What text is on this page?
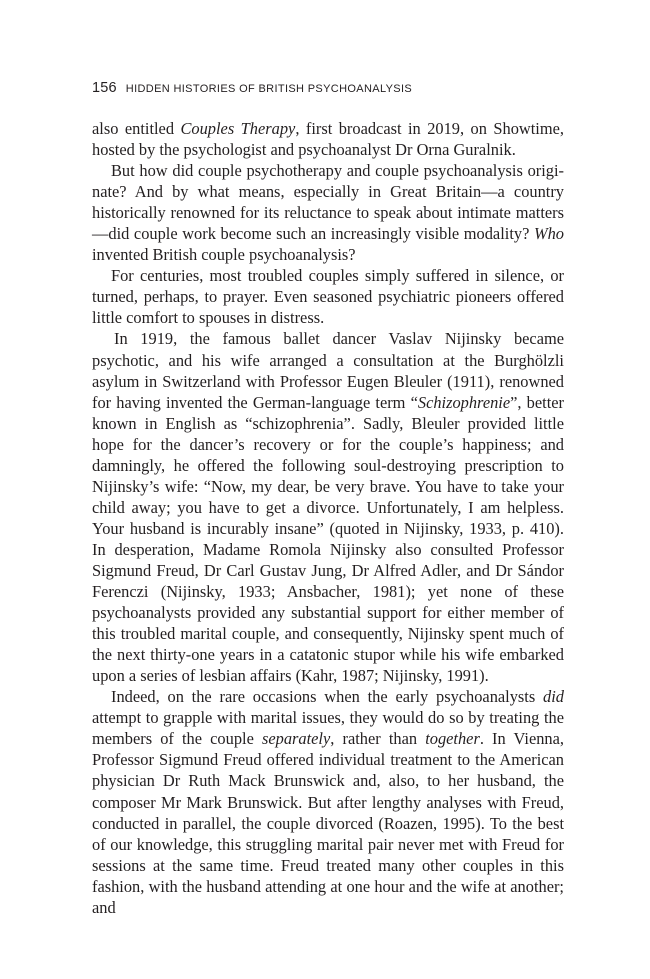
156 HIDDEN HISTORIES OF BRITISH PSYCHOANALYSIS

also entitled Couples Therapy, first broadcast in 2019, on Showtime, hosted by the psychologist and psychoanalyst Dr Orna Guralnik.

But how did couple psychotherapy and couple psychoanalysis originate? And by what means, especially in Great Britain—a country historically renowned for its reluctance to speak about intimate matters—did couple work become such an increasingly visible modality? Who invented British couple psychoanalysis?

For centuries, most troubled couples simply suffered in silence, or turned, perhaps, to prayer. Even seasoned psychiatric pioneers offered little comfort to spouses in distress.

In 1919, the famous ballet dancer Vaslav Nijinsky became psychotic, and his wife arranged a consultation at the Burghölzli asylum in Switzerland with Professor Eugen Bleuler (1911), renowned for having invented the German-language term “Schizophrenie”, better known in English as “schizophrenia”. Sadly, Bleuler provided little hope for the dancer’s recovery or for the couple’s happiness; and damningly, he offered the following soul-destroying prescription to Nijinsky’s wife: “Now, my dear, be very brave. You have to take your child away; you have to get a divorce. Unfortunately, I am helpless. Your husband is incurably insane” (quoted in Nijinsky, 1933, p. 410). In desperation, Madame Romola Nijinsky also consulted Professor Sigmund Freud, Dr Carl Gustav Jung, Dr Alfred Adler, and Dr Sándor Ferenczi (Nijinsky, 1933; Ansbacher, 1981); yet none of these psychoanalysts provided any substantial support for either member of this troubled marital couple, and consequently, Nijinsky spent much of the next thirty-one years in a catatonic stupor while his wife embarked upon a series of lesbian affairs (Kahr, 1987; Nijinsky, 1991).

Indeed, on the rare occasions when the early psychoanalysts did attempt to grapple with marital issues, they would do so by treating the members of the couple separately, rather than together. In Vienna, Professor Sigmund Freud offered individual treatment to the American physician Dr Ruth Mack Brunswick and, also, to her husband, the composer Mr Mark Brunswick. But after lengthy analyses with Freud, conducted in parallel, the couple divorced (Roazen, 1995). To the best of our knowledge, this struggling marital pair never met with Freud for sessions at the same time. Freud treated many other couples in this fashion, with the husband attending at one hour and the wife at another; and
